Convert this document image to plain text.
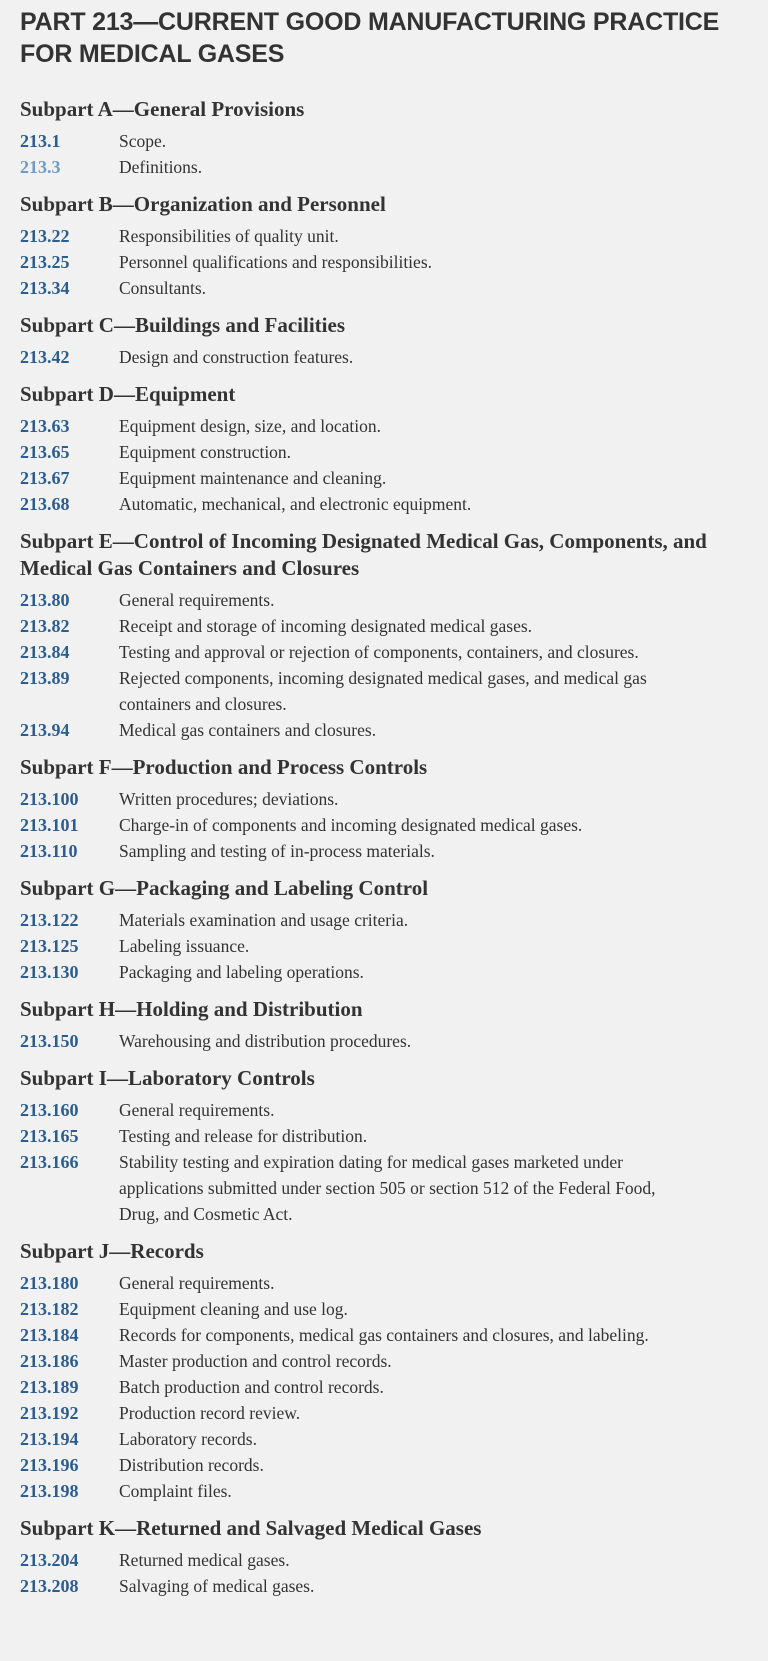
PART 213—CURRENT GOOD MANUFACTURING PRACTICE FOR MEDICAL GASES
Subpart A—General Provisions
213.1	Scope.
213.3	Definitions.
Subpart B—Organization and Personnel
213.22	Responsibilities of quality unit.
213.25	Personnel qualifications and responsibilities.
213.34	Consultants.
Subpart C—Buildings and Facilities
213.42	Design and construction features.
Subpart D—Equipment
213.63	Equipment design, size, and location.
213.65	Equipment construction.
213.67	Equipment maintenance and cleaning.
213.68	Automatic, mechanical, and electronic equipment.
Subpart E—Control of Incoming Designated Medical Gas, Components, and Medical Gas Containers and Closures
213.80	General requirements.
213.82	Receipt and storage of incoming designated medical gases.
213.84	Testing and approval or rejection of components, containers, and closures.
213.89	Rejected components, incoming designated medical gases, and medical gas containers and closures.
213.94	Medical gas containers and closures.
Subpart F—Production and Process Controls
213.100	Written procedures; deviations.
213.101	Charge-in of components and incoming designated medical gases.
213.110	Sampling and testing of in-process materials.
Subpart G—Packaging and Labeling Control
213.122	Materials examination and usage criteria.
213.125	Labeling issuance.
213.130	Packaging and labeling operations.
Subpart H—Holding and Distribution
213.150	Warehousing and distribution procedures.
Subpart I—Laboratory Controls
213.160	General requirements.
213.165	Testing and release for distribution.
213.166	Stability testing and expiration dating for medical gases marketed under applications submitted under section 505 or section 512 of the Federal Food, Drug, and Cosmetic Act.
Subpart J—Records
213.180	General requirements.
213.182	Equipment cleaning and use log.
213.184	Records for components, medical gas containers and closures, and labeling.
213.186	Master production and control records.
213.189	Batch production and control records.
213.192	Production record review.
213.194	Laboratory records.
213.196	Distribution records.
213.198	Complaint files.
Subpart K—Returned and Salvaged Medical Gases
213.204	Returned medical gases.
213.208	Salvaging of medical gases.
